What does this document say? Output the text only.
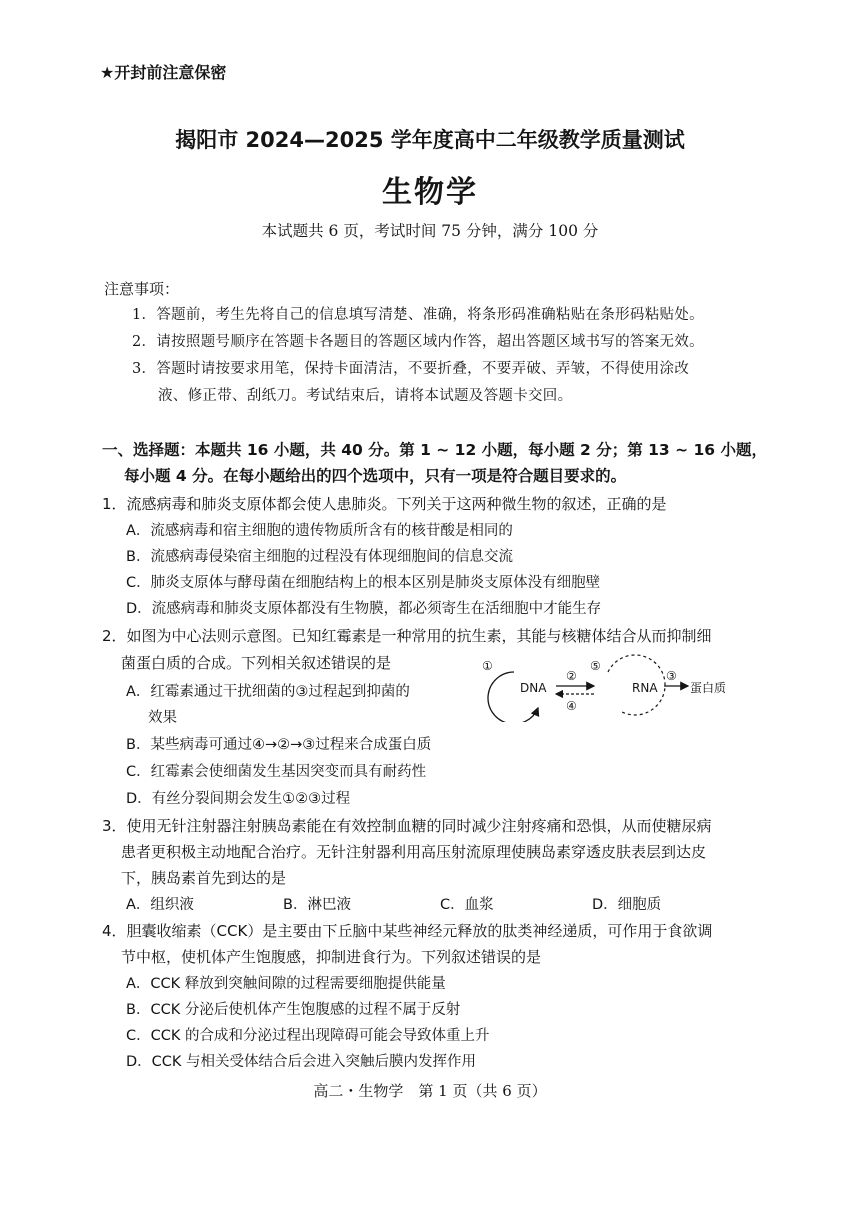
★开封前注意保密
揭阳市 2024—2025 学年度高中二年级教学质量测试
生物学
本试题共 6 页，考试时间 75 分钟，满分 100 分
注意事项：
1．答题前，考生先将自己的信息填写清楚、准确，将条形码准确粘贴在条形码粘贴处。
2．请按照题号顺序在答题卡各题目的答题区域内作答，超出答题区域书写的答案无效。
3．答题时请按要求用笔，保持卡面清洁，不要折叠，不要弄破、弄皱，不得使用涂改
液、修正带、刮纸刀。考试结束后，请将本试题及答题卡交回。
一、选择题：本题共 16 小题，共 40 分。第 1 ~ 12 小题，每小题 2 分；第 13 ~ 16 小题，
每小题 4 分。在每小题给出的四个选项中，只有一项是符合题目要求的。
1．流感病毒和肺炎支原体都会使人患肺炎。下列关于这两种微生物的叙述，正确的是
A．流感病毒和宿主细胞的遗传物质所含有的核苷酸是相同的
B．流感病毒侵染宿主细胞的过程没有体现细胞间的信息交流
C．肺炎支原体与酵母菌在细胞结构上的根本区别是肺炎支原体没有细胞壁
D．流感病毒和肺炎支原体都没有生物膜，都必须寄生在活细胞中才能生存
2．如图为中心法则示意图。已知红霉素是一种常用的抗生素，其能与核糖体结合从而抑制细
菌蛋白质的合成。下列相关叙述错误的是
A．红霉素通过干扰细菌的③过程起到抑菌的
效果
B．某些病毒可通过④→②→③过程来合成蛋白质
C．红霉素会使细菌发生基因突变而具有耐药性
D．有丝分裂间期会发生①②③过程
①
DNA
②
④
⑤
RNA
③
蛋白质
3．使用无针注射器注射胰岛素能在有效控制血糖的同时减少注射疼痛和恐惧，从而使糖尿病
患者更积极主动地配合治疗。无针注射器利用高压射流原理使胰岛素穿透皮肤表层到达皮
下，胰岛素首先到达的是
A．组织液	B．淋巴液	C．血浆	D．细胞质
4．胆囊收缩素（CCK）是主要由下丘脑中某些神经元释放的肽类神经递质，可作用于食欲调
节中枢，使机体产生饱腹感，抑制进食行为。下列叙述错误的是
A．CCK 释放到突触间隙的过程需要细胞提供能量
B．CCK 分泌后使机体产生饱腹感的过程不属于反射
C．CCK 的合成和分泌过程出现障碍可能会导致体重上升
D．CCK 与相关受体结合后会进入突触后膜内发挥作用
高二・生物学　第 1 页（共 6 页）
